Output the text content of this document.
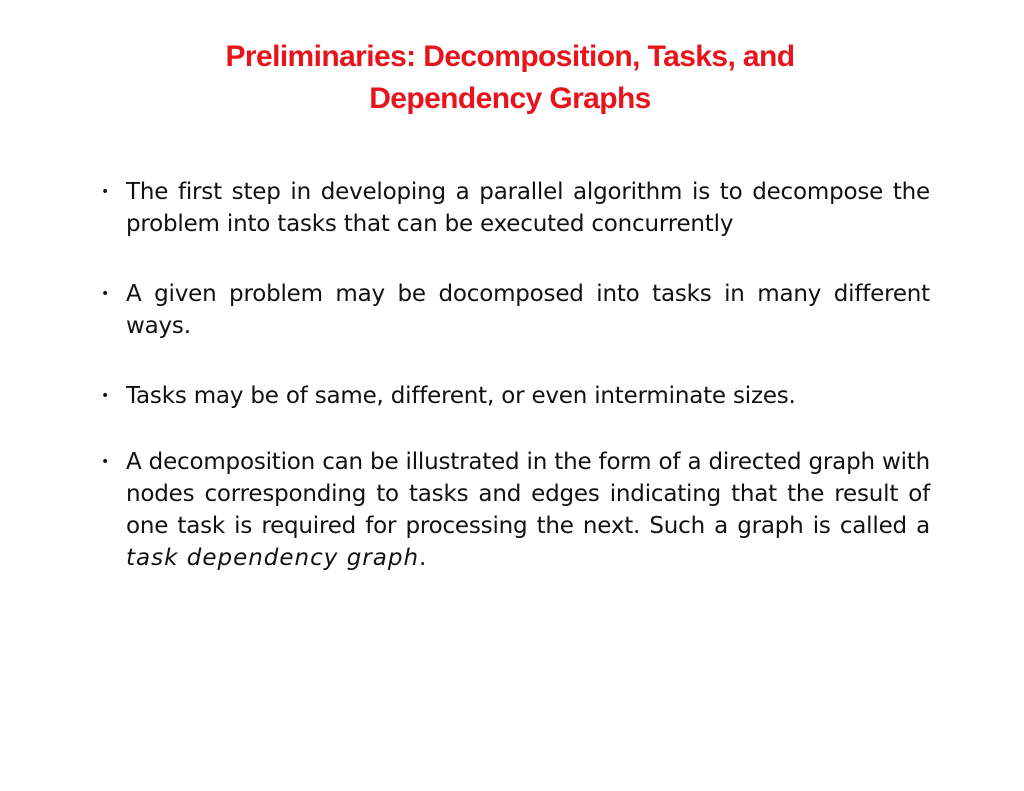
Preliminaries: Decomposition, Tasks, and
Dependency Graphs
• The first step in developing a parallel algorithm is to decompose the problem into tasks that can be executed concurrently
• A given problem may be docomposed into tasks in many different ways.
• Tasks may be of same, different, or even interminate sizes.
• A decomposition can be illustrated in the form of a directed graph with nodes corresponding to tasks and edges indicating that the result of one task is required for processing the next. Such a graph is called a task dependency graph.
